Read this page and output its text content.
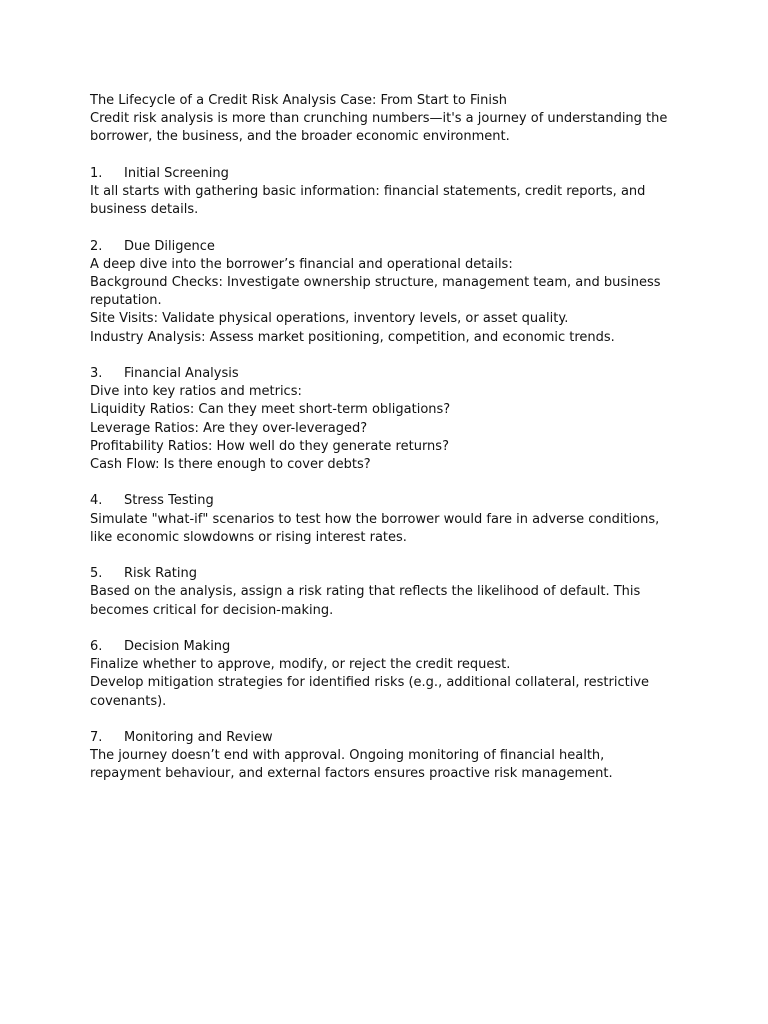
The Lifecycle of a Credit Risk Analysis Case: From Start to Finish
Credit risk analysis is more than crunching numbers—it's a journey of understanding the
borrower, the business, and the broader economic environment.
1. Initial Screening
It all starts with gathering basic information: financial statements, credit reports, and
business details.
2. Due Diligence
A deep dive into the borrower’s financial and operational details:
Background Checks: Investigate ownership structure, management team, and business
reputation.
Site Visits: Validate physical operations, inventory levels, or asset quality.
Industry Analysis: Assess market positioning, competition, and economic trends.
3. Financial Analysis
Dive into key ratios and metrics:
Liquidity Ratios: Can they meet short-term obligations?
Leverage Ratios: Are they over-leveraged?
Profitability Ratios: How well do they generate returns?
Cash Flow: Is there enough to cover debts?
4. Stress Testing
Simulate "what-if" scenarios to test how the borrower would fare in adverse conditions,
like economic slowdowns or rising interest rates.
5. Risk Rating
Based on the analysis, assign a risk rating that reflects the likelihood of default. This
becomes critical for decision-making.
6. Decision Making
Finalize whether to approve, modify, or reject the credit request.
Develop mitigation strategies for identified risks (e.g., additional collateral, restrictive
covenants).
7. Monitoring and Review
The journey doesn’t end with approval. Ongoing monitoring of financial health,
repayment behaviour, and external factors ensures proactive risk management.
